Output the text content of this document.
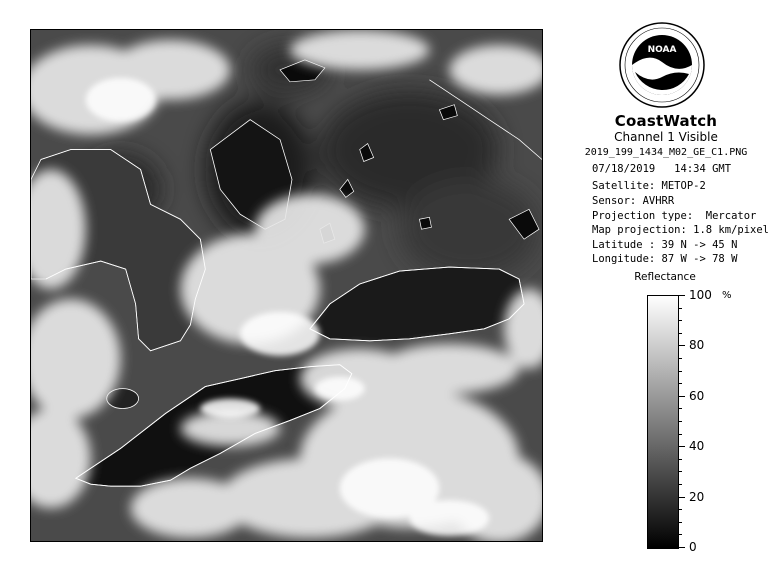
NOAA
CoastWatch
Channel 1 Visible
2019_199_1434_M02_GE_C1.PNG
07/18/2019   14:34 GMT
Satellite: METOP-2
Sensor: AVHRR
Projection type:  Mercator
Map projection: 1.8 km/pixel
Latitude : 39 N -> 45 N
Longitude: 87 W -> 78 W
Reflectance
%
100
80
60
40
20
0
